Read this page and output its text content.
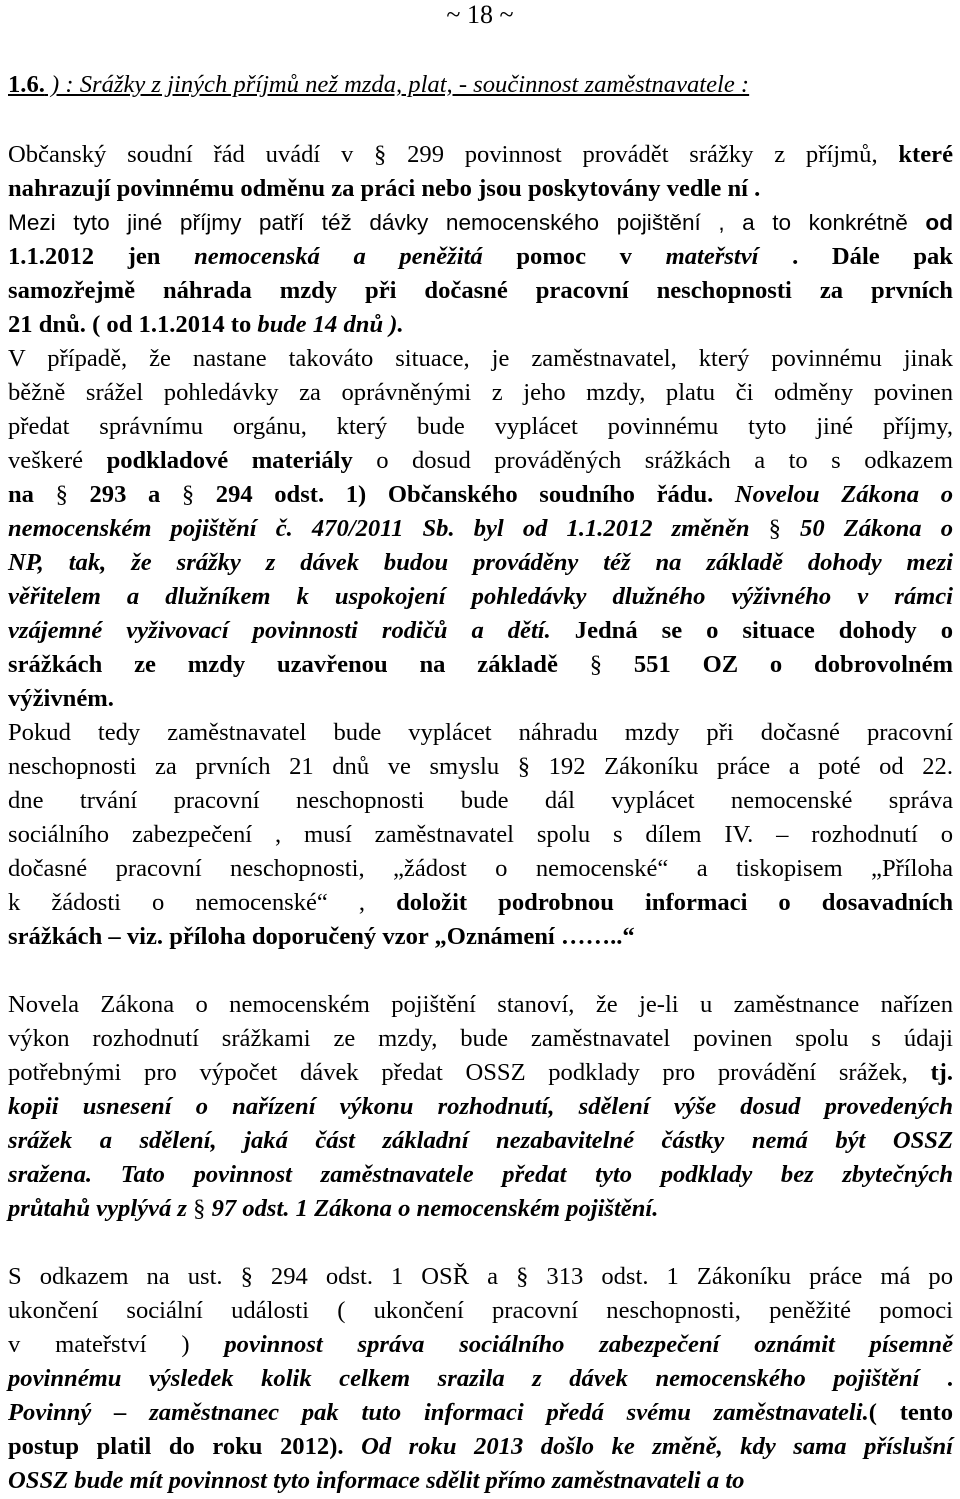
~ 18 ~
1.6. ) : Srážky z jiných příjmů než mzda, plat, - součinnost zaměstnavatele :
Občanský soudní řád uvádí v § 299 povinnost provádět srážky z příjmů, které
nahrazují povinnému odměnu za práci nebo jsou poskytovány vedle ní .
Mezi tyto jiné příjmy patří též dávky nemocenského pojištění , a to konkrétně od
1.1.2012 jen nemocenská a peněžitá pomoc v mateřství . Dále pak
samozřejmě náhrada mzdy při dočasné pracovní neschopnosti za prvních
21 dnů. ( od 1.1.2014 to bude 14 dnů ).
V případě, že nastane takováto situace, je zaměstnavatel, který povinnému jinak
běžně srážel pohledávky za oprávněnými z jeho mzdy, platu či odměny povinen
předat správnímu orgánu, který bude vyplácet povinnému tyto jiné příjmy,
veškeré podkladové materiály o dosud prováděných srážkách a to s odkazem
na § 293 a § 294 odst. 1) Občanského soudního řádu. Novelou Zákona o
nemocenském pojištění č. 470/2011 Sb. byl od 1.1.2012 změněn § 50 Zákona o
NP, tak, že srážky z dávek budou prováděny též na základě dohody mezi
věřitelem a dlužníkem k uspokojení pohledávky dlužného výživného v rámci
vzájemné vyživovací povinnosti rodičů a dětí. Jedná se o situace dohody o
srážkách ze mzdy uzavřenou na základě § 551 OZ o dobrovolném
výživném.
Pokud tedy zaměstnavatel bude vyplácet náhradu mzdy při dočasné pracovní
neschopnosti za prvních 21 dnů ve smyslu § 192 Zákoníku práce a poté od 22.
dne trvání pracovní neschopnosti bude dál vyplácet nemocenské správa
sociálního zabezpečení , musí zaměstnavatel spolu s dílem IV. – rozhodnutí o
dočasné pracovní neschopnosti, „žádost o nemocenské“ a tiskopisem „Příloha
k žádosti o nemocenské“ , doložit podrobnou informaci o dosavadních
srážkách – viz. příloha doporučený vzor „Oznámení ……..“
Novela Zákona o nemocenském pojištění stanoví, že je-li u zaměstnance nařízen
výkon rozhodnutí srážkami ze mzdy, bude zaměstnavatel povinen spolu s údaji
potřebnými pro výpočet dávek předat OSSZ podklady pro provádění srážek, tj.
kopii usnesení o nařízení výkonu rozhodnutí, sdělení výše dosud provedených
srážek a sdělení, jaká část základní nezabavitelné částky nemá být OSSZ
sražena. Tato povinnost zaměstnavatele předat tyto podklady bez zbytečných
průtahů vyplývá z § 97 odst. 1 Zákona o nemocenském pojištění.
S odkazem na ust. § 294 odst. 1 OSŘ a § 313 odst. 1 Zákoníku práce má po
ukončení sociální události ( ukončení pracovní neschopnosti, peněžité pomoci
v mateřství ) povinnost správa sociálního zabezpečení oznámit písemně
povinnému výsledek kolik celkem srazila z dávek nemocenského pojištění .
Povinný – zaměstnanec pak tuto informaci předá svému zaměstnavateli.( tento
postup platil do roku 2012). Od roku 2013 došlo ke změně, kdy sama příslušní
OSSZ bude mít povinnost tyto informace sdělit přímo zaměstnavateli a to
